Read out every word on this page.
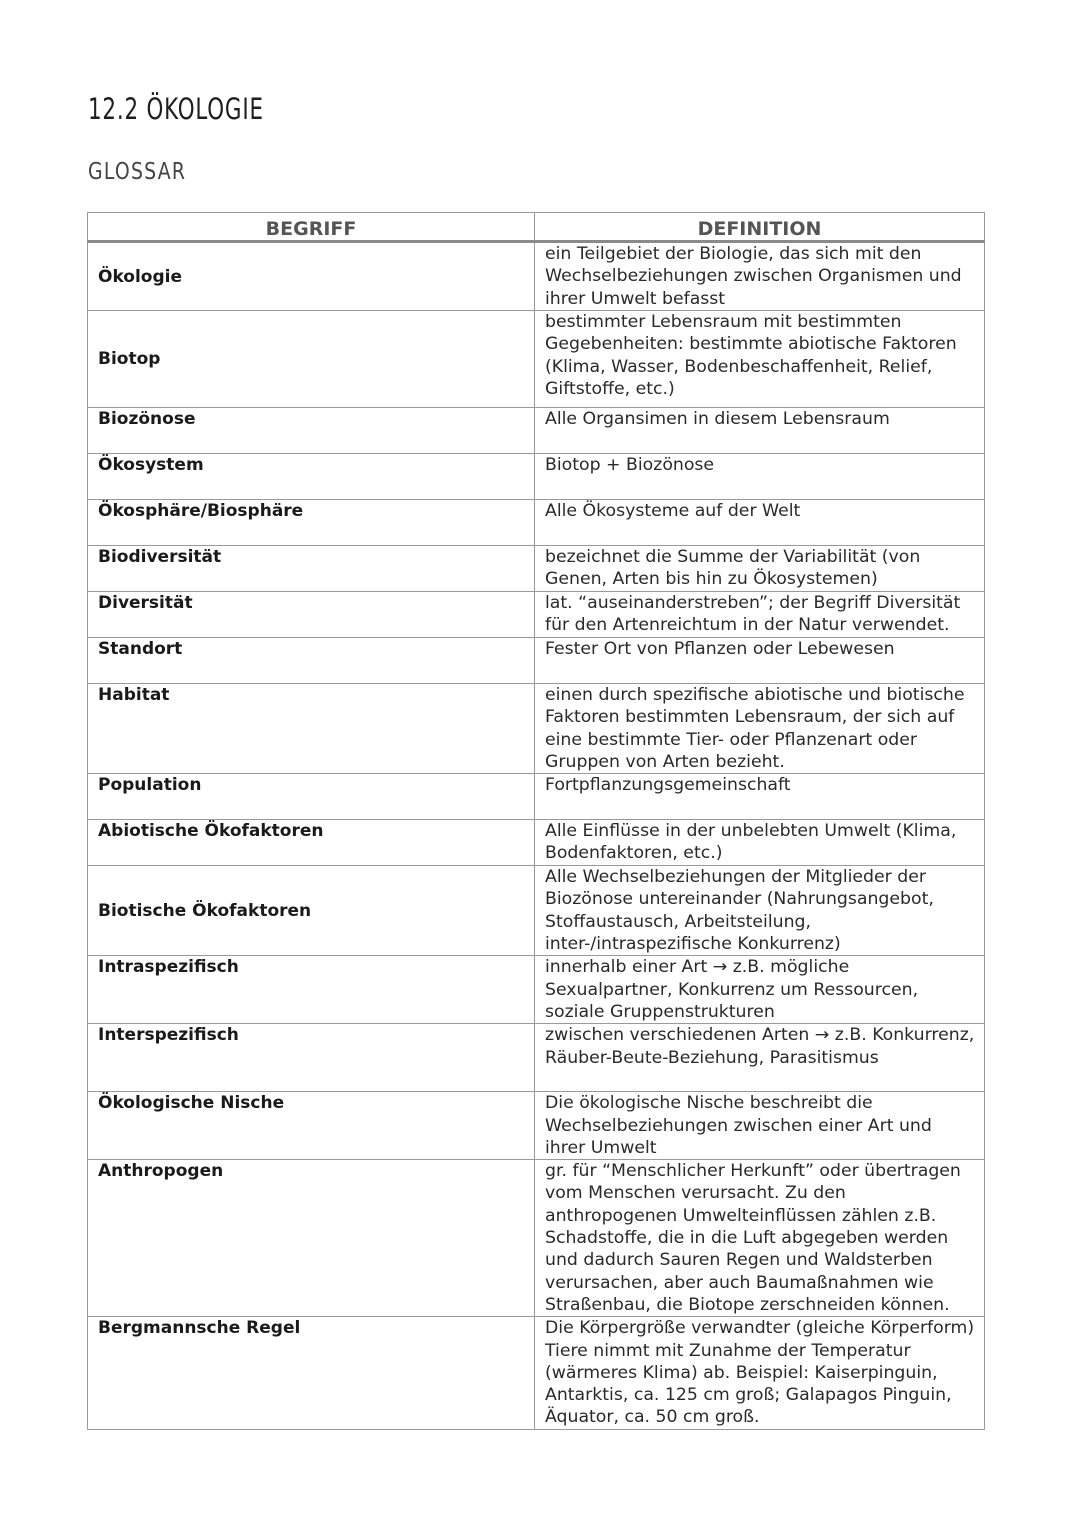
12.2 ÖKOLOGIE
GLOSSAR
BEGRIFF	DEFINITION
Ökologie	ein Teilgebiet der Biologie, das sich mit den Wechselbeziehungen zwischen Organismen und ihrer Umwelt befasst
Biotop	bestimmter Lebensraum mit bestimmten Gegebenheiten: bestimmte abiotische Faktoren (Klima, Wasser, Bodenbeschaffenheit, Relief, Giftstoffe, etc.)
Biozönose	Alle Organsimen in diesem Lebensraum
Ökosystem	Biotop + Biozönose
Ökosphäre/Biosphäre	Alle Ökosysteme auf der Welt
Biodiversität	bezeichnet die Summe der Variabilität (von Genen, Arten bis hin zu Ökosystemen)
Diversität	lat. “auseinanderstreben”; der Begriff Diversität für den Artenreichtum in der Natur verwendet.
Standort	Fester Ort von Pflanzen oder Lebewesen
Habitat	einen durch spezifische abiotische und biotische Faktoren bestimmten Lebensraum, der sich auf eine bestimmte Tier- oder Pflanzenart oder Gruppen von Arten bezieht.
Population	Fortpflanzungsgemeinschaft
Abiotische Ökofaktoren	Alle Einflüsse in der unbelebten Umwelt (Klima, Bodenfaktoren, etc.)
Biotische Ökofaktoren	Alle Wechselbeziehungen der Mitglieder der Biozönose untereinander (Nahrungsangebot, Stoffaustausch, Arbeitsteilung, inter-/intraspezifische Konkurrenz)
Intraspezifisch	innerhalb einer Art → z.B. mögliche Sexualpartner, Konkurrenz um Ressourcen, soziale Gruppenstrukturen
Interspezifisch	zwischen verschiedenen Arten → z.B. Konkurrenz, Räuber-Beute-Beziehung, Parasitismus
Ökologische Nische	Die ökologische Nische beschreibt die Wechselbeziehungen zwischen einer Art und ihrer Umwelt
Anthropogen	gr. für “Menschlicher Herkunft” oder übertragen vom Menschen verursacht. Zu den anthropogenen Umwelteinflüssen zählen z.B. Schadstoffe, die in die Luft abgegeben werden und dadurch Sauren Regen und Waldsterben verursachen, aber auch Baumaßnahmen wie Straßenbau, die Biotope zerschneiden können.
Bergmannsche Regel	Die Körpergröße verwandter (gleiche Körperform) Tiere nimmt mit Zunahme der Temperatur (wärmeres Klima) ab. Beispiel: Kaiserpinguin, Antarktis, ca. 125 cm groß; Galapagos Pinguin, Äquator, ca. 50 cm groß.
